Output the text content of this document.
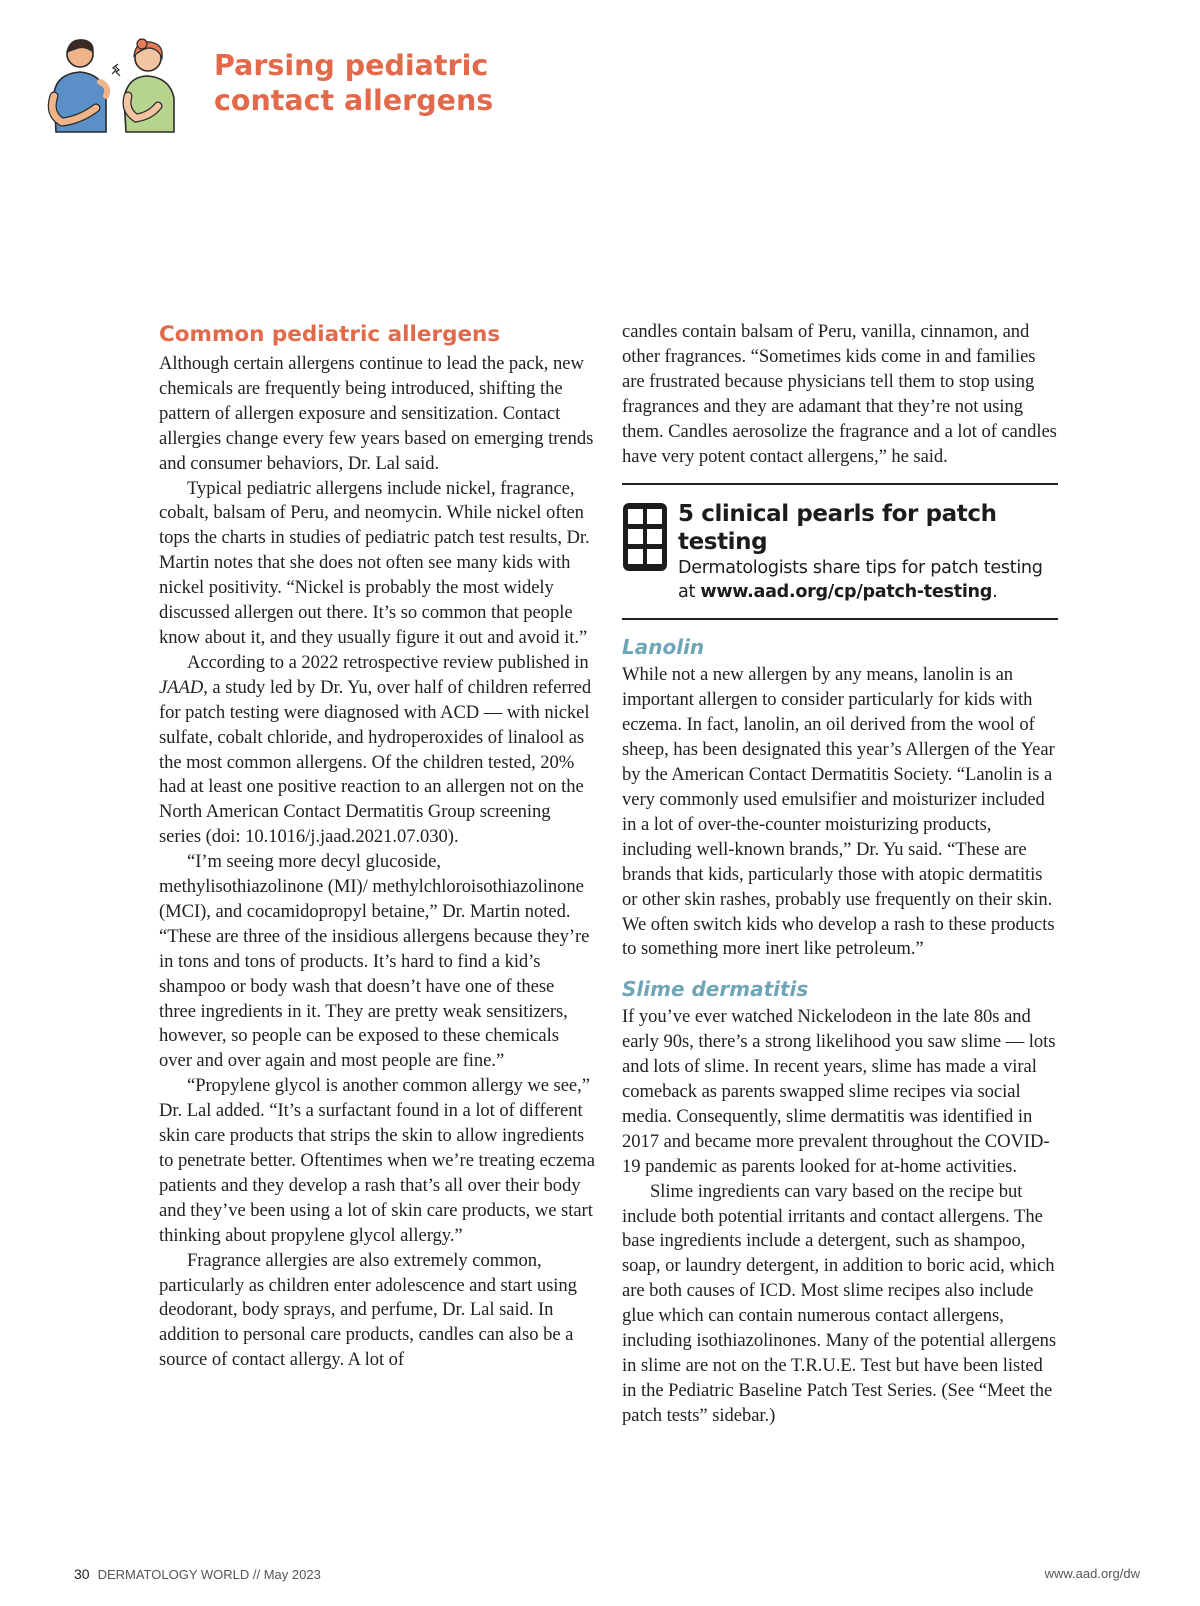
Parsing pediatric
contact allergens
Common pediatric allergens

Although certain allergens continue to lead the pack, new chemicals are frequently being introduced, shifting the pattern of allergen exposure and sensitization. Contact allergies change every few years based on emerging trends and consumer behaviors, Dr. Lal said.

Typical pediatric allergens include nickel, fragrance, cobalt, balsam of Peru, and neomycin. While nickel often tops the charts in studies of pediatric patch test results, Dr. Martin notes that she does not often see many kids with nickel positivity. “Nickel is probably the most widely discussed allergen out there. It’s so common that people know about it, and they usually figure it out and avoid it.”

According to a 2022 retrospective review published in JAAD, a study led by Dr. Yu, over half of children referred for patch testing were diagnosed with ACD — with nickel sulfate, cobalt chloride, and hydroperoxides of linalool as the most common allergens. Of the children tested, 20% had at least one positive reaction to an allergen not on the North American Contact Dermatitis Group screening series (doi: 10.1016/j.jaad.2021.07.030).

“I’m seeing more decyl glucoside, methylisothiazolinone (MI)/ methylchloroisothiazolinone (MCI), and cocamidopropyl betaine,” Dr. Martin noted. “These are three of the insidious allergens because they’re in tons and tons of products. It’s hard to find a kid’s shampoo or body wash that doesn’t have one of these three ingredients in it. They are pretty weak sensitizers, however, so people can be exposed to these chemicals over and over again and most people are fine.”

“Propylene glycol is another common allergy we see,” Dr. Lal added. “It’s a surfactant found in a lot of different skin care products that strips the skin to allow ingredients to penetrate better. Oftentimes when we’re treating eczema patients and they develop a rash that’s all over their body and they’ve been using a lot of skin care products, we start thinking about propylene glycol allergy.”

Fragrance allergies are also extremely common, particularly as children enter adolescence and start using deodorant, body sprays, and perfume, Dr. Lal said. In addition to personal care products, candles can also be a source of contact allergy. A lot of

candles contain balsam of Peru, vanilla, cinnamon, and other fragrances. “Sometimes kids come in and families are frustrated because physicians tell them to stop using fragrances and they are adamant that they’re not using them. Candles aerosolize the fragrance and a lot of candles have very potent contact allergens,” he said.

5 clinical pearls for patch testing
Dermatologists share tips for patch testing at www.aad.org/cp/patch-testing.
Lanolin

While not a new allergen by any means, lanolin is an important allergen to consider particularly for kids with eczema. In fact, lanolin, an oil derived from the wool of sheep, has been designated this year’s Allergen of the Year by the American Contact Dermatitis Society. “Lanolin is a very commonly used emulsifier and moisturizer included in a lot of over-the-counter moisturizing products, including well-known brands,” Dr. Yu said. “These are brands that kids, particularly those with atopic dermatitis or other skin rashes, probably use frequently on their skin. We often switch kids who develop a rash to these products to something more inert like petroleum.”

Slime dermatitis

If you’ve ever watched Nickelodeon in the late 80s and early 90s, there’s a strong likelihood you saw slime — lots and lots of slime. In recent years, slime has made a viral comeback as parents swapped slime recipes via social media. Consequently, slime dermatitis was identified in 2017 and became more prevalent throughout the COVID-19 pandemic as parents looked for at-home activities.

Slime ingredients can vary based on the recipe but include both potential irritants and contact allergens. The base ingredients include a detergent, such as shampoo, soap, or laundry detergent, in addition to boric acid, which are both causes of ICD. Most slime recipes also include glue which can contain numerous contact allergens, including isothiazolinones. Many of the potential allergens in slime are not on the T.R.U.E. Test but have been listed in the Pediatric Baseline Patch Test Series. (See “Meet the patch tests” sidebar.)

30 DERMATOLOGY WORLD // May 2023	www.aad.org/dw
